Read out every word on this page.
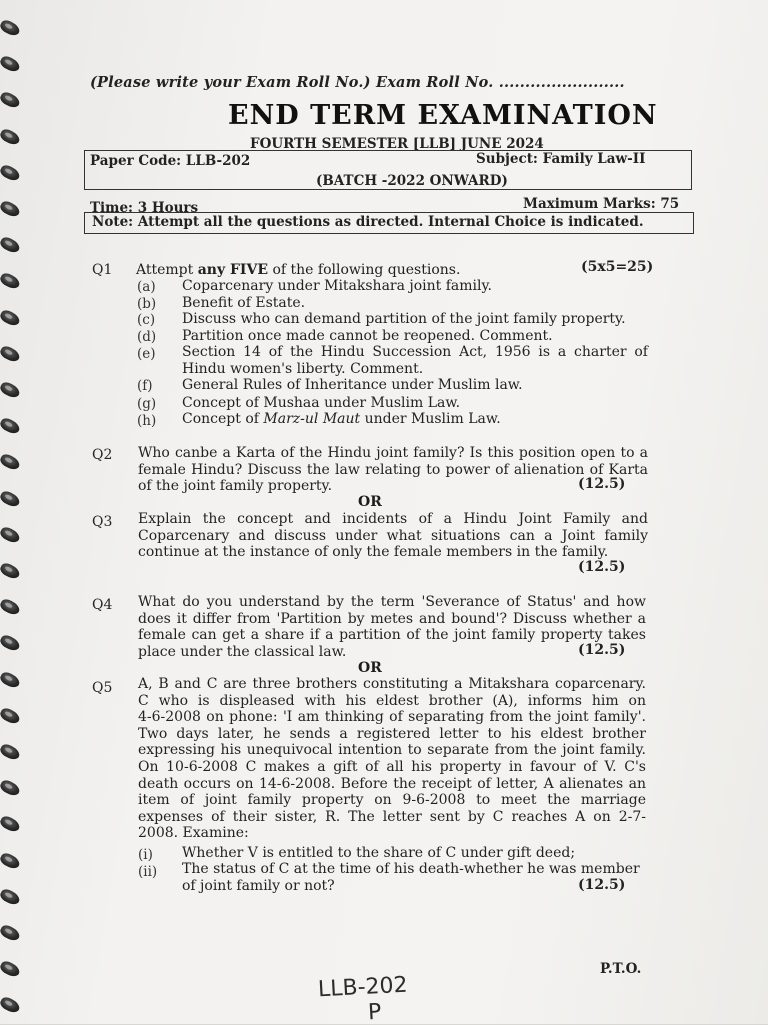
(Please write your Exam Roll No.) Exam Roll No. ........................
END TERM EXAMINATION
FOURTH SEMESTER [LLB] JUNE 2024
Paper Code: LLB-202	Subject: Family Law-II
(BATCH -2022 ONWARD)
Time: 3 Hours	Maximum Marks: 75
Note: Attempt all the questions as directed. Internal Choice is indicated.
Q1 Attempt any FIVE of the following questions.	(5x5=25)
(a) Coparcenary under Mitakshara joint family.
(b) Benefit of Estate.
(c) Discuss who can demand partition of the joint family property.
(d) Partition once made cannot be reopened. Comment.
(e) Section 14 of the Hindu Succession Act, 1956 is a charter of
Hindu women's liberty. Comment.
(f) General Rules of Inheritance under Muslim law.
(g) Concept of Mushaa under Muslim Law.
(h) Concept of Marz-ul Maut under Muslim Law.
Q2 Who canbe a Karta of the Hindu joint family? Is this position open to a
female Hindu? Discuss the law relating to power of alienation of Karta
of the joint family property.	(12.5)
OR
Q3 Explain the concept and incidents of a Hindu Joint Family and
Coparcenary and discuss under what situations can a Joint family
continue at the instance of only the female members in the family.
(12.5)
Q4 What do you understand by the term 'Severance of Status' and how
does it differ from 'Partition by metes and bound'? Discuss whether a
female can get a share if a partition of the joint family property takes
place under the classical law.	(12.5)
OR
Q5 A, B and C are three brothers constituting a Mitakshara coparcenary.
C who is displeased with his eldest brother (A), informs him on
4-6-2008 on phone: 'I am thinking of separating from the joint family'.
Two days later, he sends a registered letter to his eldest brother
expressing his unequivocal intention to separate from the joint family.
On 10-6-2008 C makes a gift of all his property in favour of V. C's
death occurs on 14-6-2008. Before the receipt of letter, A alienates an
item of joint family property on 9-6-2008 to meet the marriage
expenses of their sister, R. The letter sent by C reaches A on 2-7-
2008. Examine:
(i) Whether V is entitled to the share of C under gift deed;
(ii) The status of C at the time of his death-whether he was member
of joint family or not?	(12.5)
P.T.O.
LLB-202
P
